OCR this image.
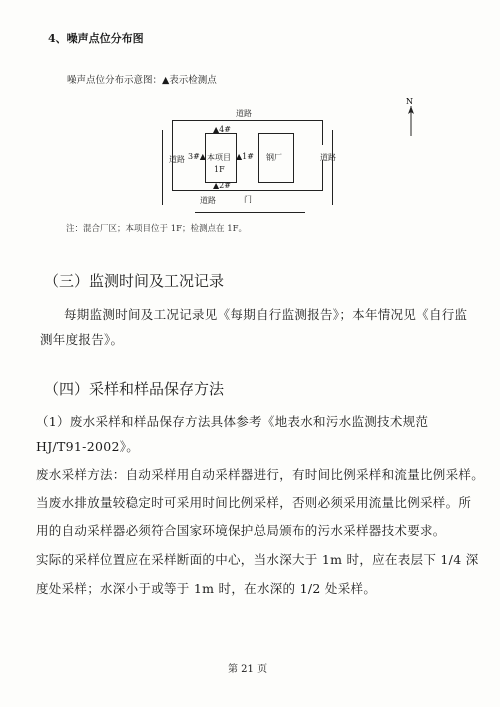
4、噪声点位分布图
噪声点位分布示意图：▲表示检测点
道路
道路
道路	道路
▲4#
3#▲	▲1#
▲2#
本项目
1F
钢厂
门
N
注：混合厂区；本项目位于 1F；检测点在 1F。
（三）监测时间及工况记录
每期监测时间及工况记录见《每期自行监测报告》；本年情况见《自行监
测年度报告》。
（四）采样和样品保存方法
（1）废水采样和样品保存方法具体参考《地表水和污水监测技术规范
HJ/T91-2002》。
废水采样方法：自动采样用自动采样器进行，有时间比例采样和流量比例采样。
当废水排放量较稳定时可采用时间比例采样，否则必须采用流量比例采样。所
用的自动采样器必须符合国家环境保护总局颁布的污水采样器技术要求。
实际的采样位置应在采样断面的中心，当水深大于 1m 时，应在表层下 1/4 深
度处采样；水深小于或等于 1m 时，在水深的 1/2 处采样。
第 21 页
